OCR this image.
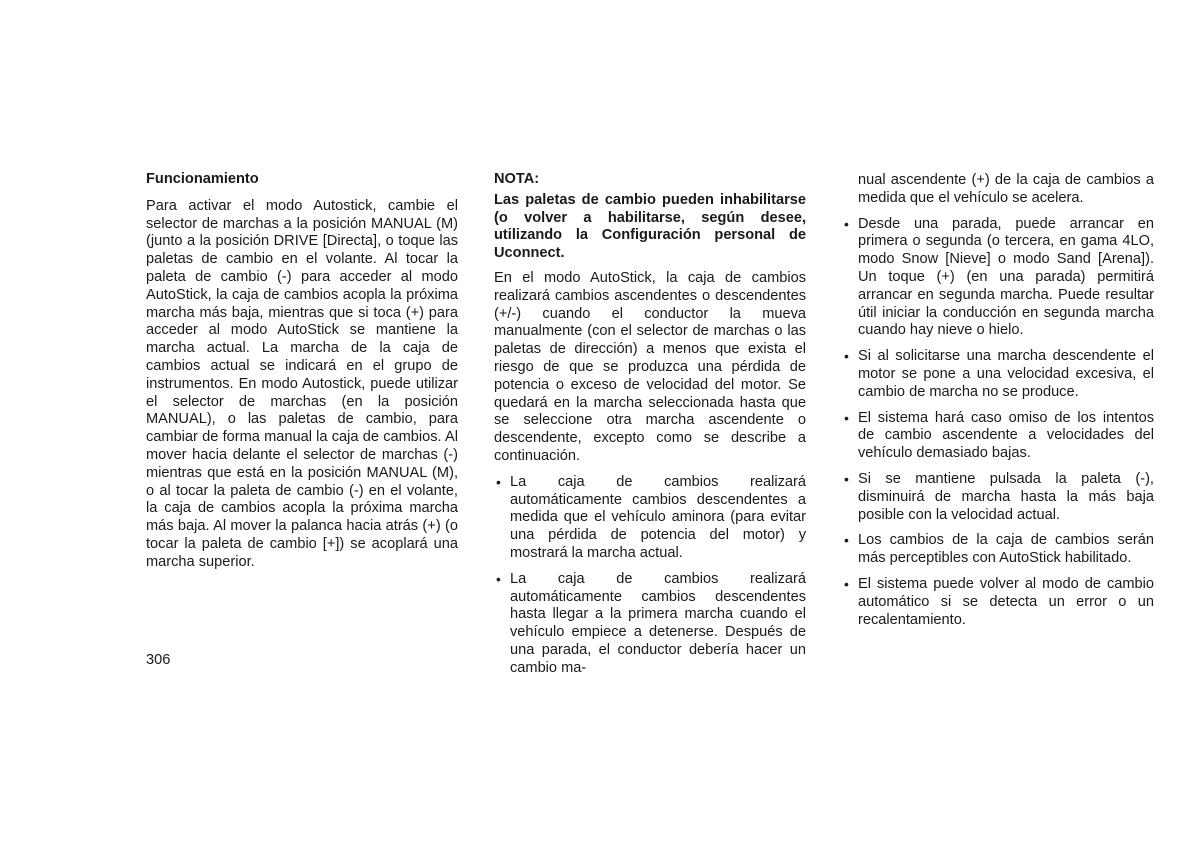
Funcionamiento

Para activar el modo Autostick, cambie el selector de marchas a la posición MANUAL (M) (junto a la posición DRIVE [Directa], o toque las paletas de cambio en el volante. Al tocar la paleta de cambio (-) para acceder al modo AutoStick, la caja de cambios acopla la próxima marcha más baja, mientras que si toca (+) para acceder al modo AutoStick se mantiene la marcha actual. La marcha de la caja de cambios actual se indicará en el grupo de instrumentos. En modo Autostick, puede utilizar el selector de marchas (en la posición MANUAL), o las paletas de cambio, para cambiar de forma manual la caja de cambios. Al mover hacia delante el selector de marchas (-) mientras que está en la posición MANUAL (M), o al tocar la paleta de cambio (-) en el volante, la caja de cambios acopla la próxima marcha más baja. Al mover la palanca hacia atrás (+) (o tocar la paleta de cambio [+]) se acoplará una marcha superior.

NOTA:
Las paletas de cambio pueden inhabilitarse (o volver a habilitarse, según desee, utilizando la Configuración personal de Uconnect.

En el modo AutoStick, la caja de cambios realizará cambios ascendentes o descendentes (+/-) cuando el conductor la mueva manualmente (con el selector de marchas o las paletas de dirección) a menos que exista el riesgo de que se produzca una pérdida de potencia o exceso de velocidad del motor. Se quedará en la marcha seleccionada hasta que se seleccione otra marcha ascendente o descendente, excepto como se describe a continuación.

• La caja de cambios realizará automáticamente cambios descendentes a medida que el vehículo aminora (para evitar una pérdida de potencia del motor) y mostrará la marcha actual.
• La caja de cambios realizará automáticamente cambios descendentes hasta llegar a la primera marcha cuando el vehículo empiece a detenerse. Después de una parada, el conductor debería hacer un cambio ma-
nual ascendente (+) de la caja de cambios a medida que el vehículo se acelera.
• Desde una parada, puede arrancar en primera o segunda (o tercera, en gama 4LO, modo Snow [Nieve] o modo Sand [Arena]). Un toque (+) (en una parada) permitirá arrancar en segunda marcha. Puede resultar útil iniciar la conducción en segunda marcha cuando hay nieve o hielo.
• Si al solicitarse una marcha descendente el motor se pone a una velocidad excesiva, el cambio de marcha no se produce.
• El sistema hará caso omiso de los intentos de cambio ascendente a velocidades del vehículo demasiado bajas.
• Si se mantiene pulsada la paleta (-), disminuirá de marcha hasta la más baja posible con la velocidad actual.
• Los cambios de la caja de cambios serán más perceptibles con AutoStick habilitado.
• El sistema puede volver al modo de cambio automático si se detecta un error o un recalentamiento.
306
